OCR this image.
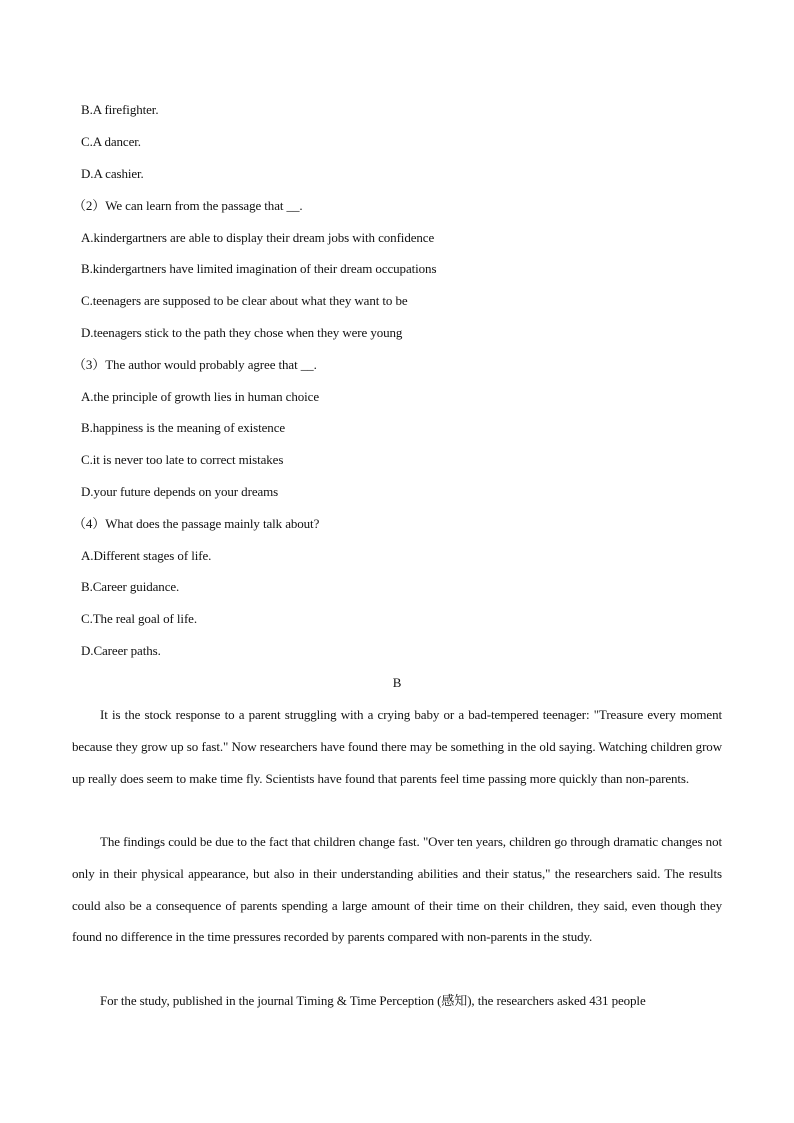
B.A firefighter.
C.A dancer.
D.A cashier.
（2）We can learn from the passage that __.
A.kindergartners are able to display their dream jobs with confidence
B.kindergartners have limited imagination of their dream occupations
C.teenagers are supposed to be clear about what they want to be
D.teenagers stick to the path they chose when they were young
（3）The author would probably agree that __.
A.the principle of growth lies in human choice
B.happiness is the meaning of existence
C.it is never too late to correct mistakes
D.your future depends on your dreams
（4）What does the passage mainly talk about?
A.Different stages of life.
B.Career guidance.
C.The real goal of life.
D.Career paths.
B
It is the stock response to a parent struggling with a crying baby or a bad-tempered teenager: "Treasure every moment because they grow up so fast." Now researchers have found there may be something in the old saying. Watching children grow up really does seem to make time fly. Scientists have found that parents feel time passing more quickly than non-parents.
The findings could be due to the fact that children change fast. "Over ten years, children go through dramatic changes not only in their physical appearance, but also in their understanding abilities and their status," the researchers said. The results could also be a consequence of parents spending a large amount of their time on their children, they said, even though they found no difference in the time pressures recorded by parents compared with non-parents in the study.
For the study, published in the journal Timing & Time Perception (感知), the researchers asked 431 people
